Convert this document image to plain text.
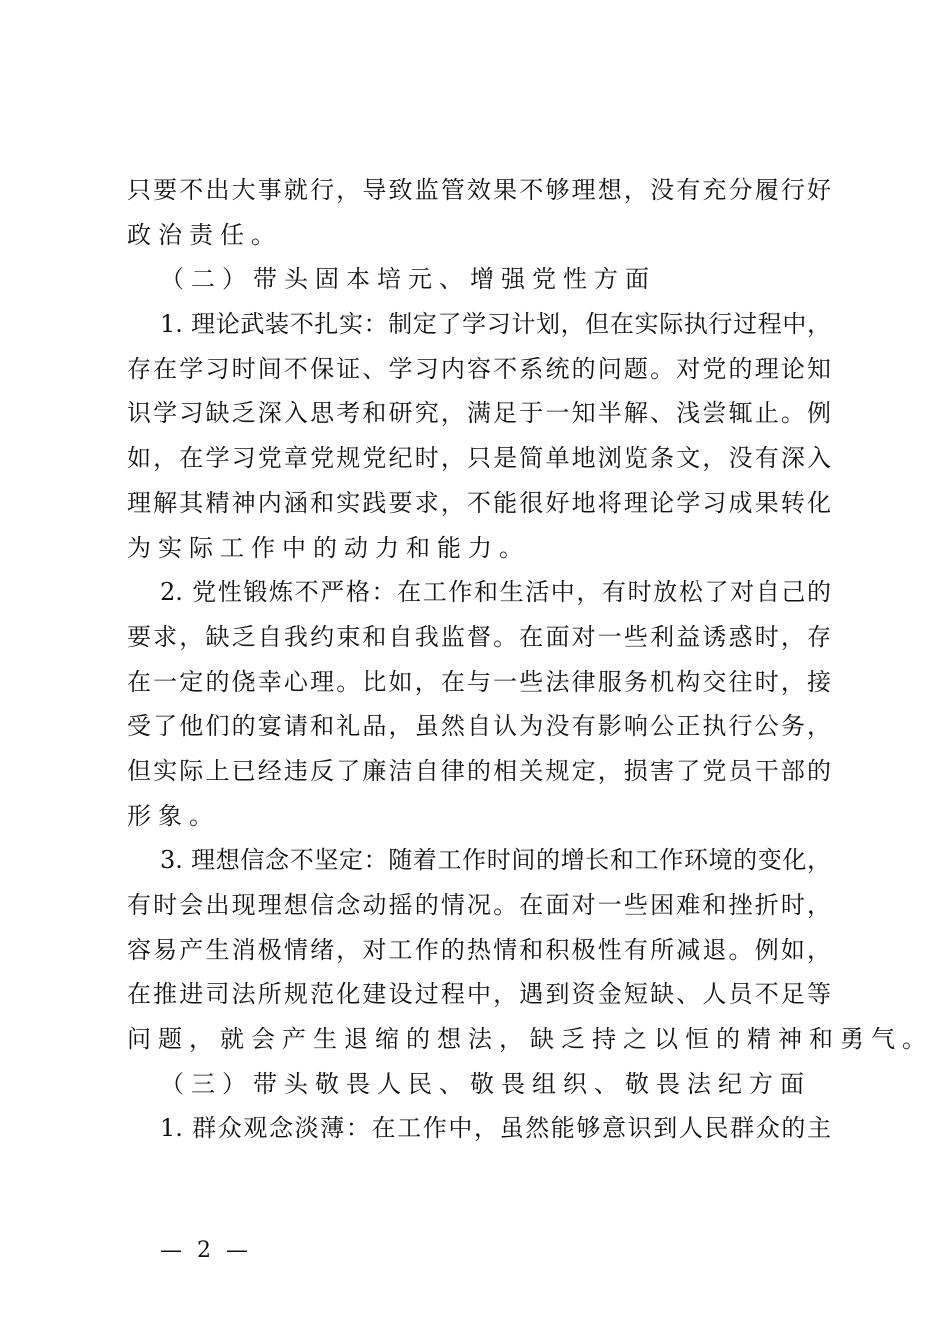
只要不出大事就行，导致监管效果不够理想，没有充分履行好
政治责任。
（二）带头固本培元、增强党性方面
1. 理论武装不扎实：制定了学习计划，但在实际执行过程中，
存在学习时间不保证、学习内容不系统的问题。对党的理论知
识学习缺乏深入思考和研究，满足于一知半解、浅尝辄止。例
如，在学习党章党规党纪时，只是简单地浏览条文，没有深入
理解其精神内涵和实践要求，不能很好地将理论学习成果转化
为实际工作中的动力和能力。
2. 党性锻炼不严格：在工作和生活中，有时放松了对自己的
要求，缺乏自我约束和自我监督。在面对一些利益诱惑时，存
在一定的侥幸心理。比如，在与一些法律服务机构交往时，接
受了他们的宴请和礼品，虽然自认为没有影响公正执行公务，
但实际上已经违反了廉洁自律的相关规定，损害了党员干部的
形象。
3. 理想信念不坚定：随着工作时间的增长和工作环境的变化，
有时会出现理想信念动摇的情况。在面对一些困难和挫折时，
容易产生消极情绪，对工作的热情和积极性有所减退。例如，
在推进司法所规范化建设过程中，遇到资金短缺、人员不足等
问题，就会产生退缩的想法，缺乏持之以恒的精神和勇气。
（三）带头敬畏人民、敬畏组织、敬畏法纪方面
1. 群众观念淡薄：在工作中，虽然能够意识到人民群众的主
— 2 —
